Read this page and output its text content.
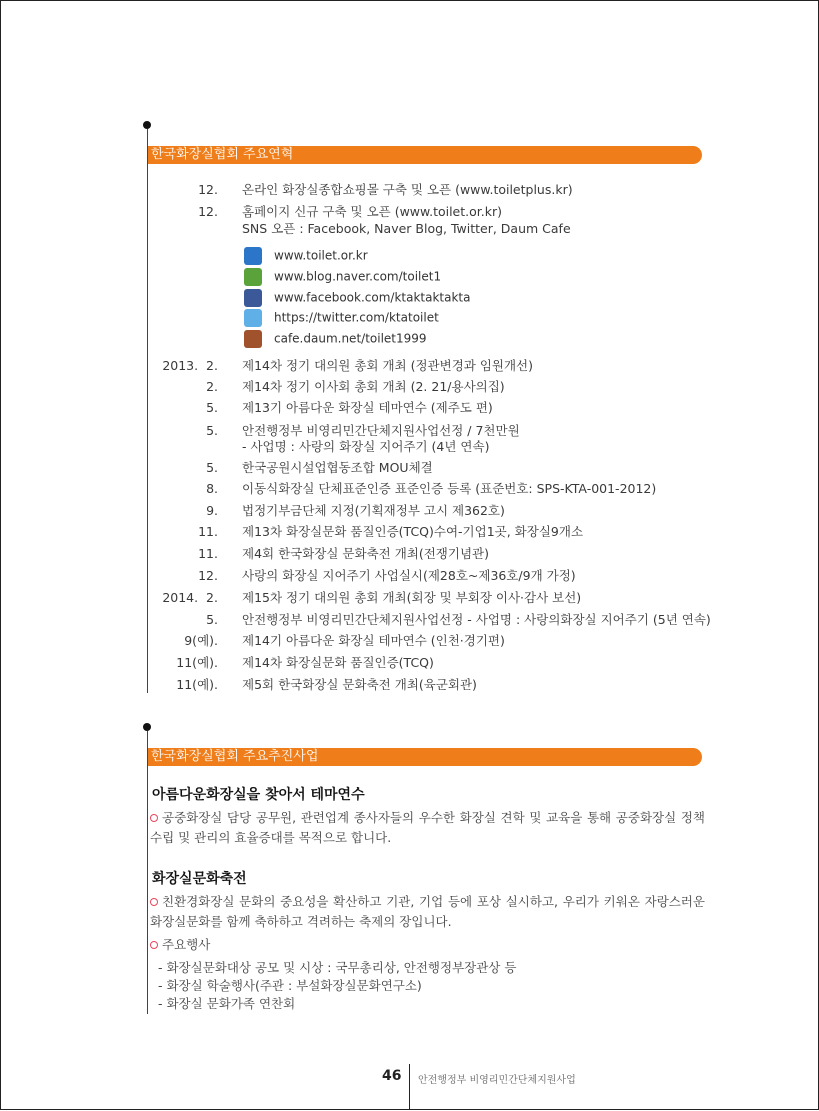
한국화장실협회 주요연혁
12. 온라인 화장실종합쇼핑몰 구축 및 오픈 (www.toiletplus.kr)
12. 홈페이지 신규 구축 및 오픈 (www.toilet.or.kr)
SNS 오픈 : Facebook, Naver Blog, Twitter, Daum Cafe
2013.  2. 제14차 정기 대의원 총회 개최 (정관변경과 임원개선)
2. 제14차 정기 이사회 총회 개최 (2. 21/용사의집)
5. 제13기 아름다운 화장실 테마연수 (제주도 편)
5. 안전행정부 비영리민간단체지원사업선정 / 7천만원
- 사업명 : 사랑의 화장실 지어주기 (4년 연속)
5. 한국공원시설업협동조합 MOU체결
8. 이동식화장실 단체표준인증 표준인증 등록 (표준번호: SPS-KTA-001-2012)
9. 법정기부금단체 지정(기획재정부 고시 제362호)
11. 제13차 화장실문화 품질인증(TCQ)수여-기업1곳, 화장실9개소
11. 제4회 한국화장실 문화축전 개최(전쟁기념관)
12. 사랑의 화장실 지어주기 사업실시(제28호~제36호/9개 가정)
2014.  2. 제15차 정기 대의원 총회 개최(회장 및 부회장 이사·감사 보선)
5. 안전행정부 비영리민간단체지원사업선정 - 사업명 : 사랑의화장실 지어주기 (5년 연속)
9(예). 제14기 아름다운 화장실 테마연수 (인천·경기편)
11(예). 제14차 화장실문화 품질인증(TCQ)
11(예). 제5회 한국화장실 문화축전 개최(육군회관)
www.toilet.or.kr
www.blog.naver.com/toilet1
www.facebook.com/ktaktaktakta
https://twitter.com/ktatoilet
cafe.daum.net/toilet1999
한국화장실협회 주요추진사업
아름다운화장실을 찾아서 테마연수
공중화장실 담당 공무원, 관련업계 종사자들의 우수한 화장실 견학 및 교육을 통해 공중화장실 정책수립 및 관리의 효율증대를 목적으로 합니다.
화장실문화축전
친환경화장실 문화의 중요성을 확산하고 기관, 기업 등에 포상 실시하고, 우리가 키워온 자랑스러운 화장실문화를 함께 축하하고 격려하는 축제의 장입니다.
주요행사
- 화장실문화대상 공모 및 시상 : 국무총리상, 안전행정부장관상 등
- 화장실 학술행사(주관 : 부설화장실문화연구소)
- 화장실 문화가족 연찬회
46 안전행정부 비영리민간단체지원사업
